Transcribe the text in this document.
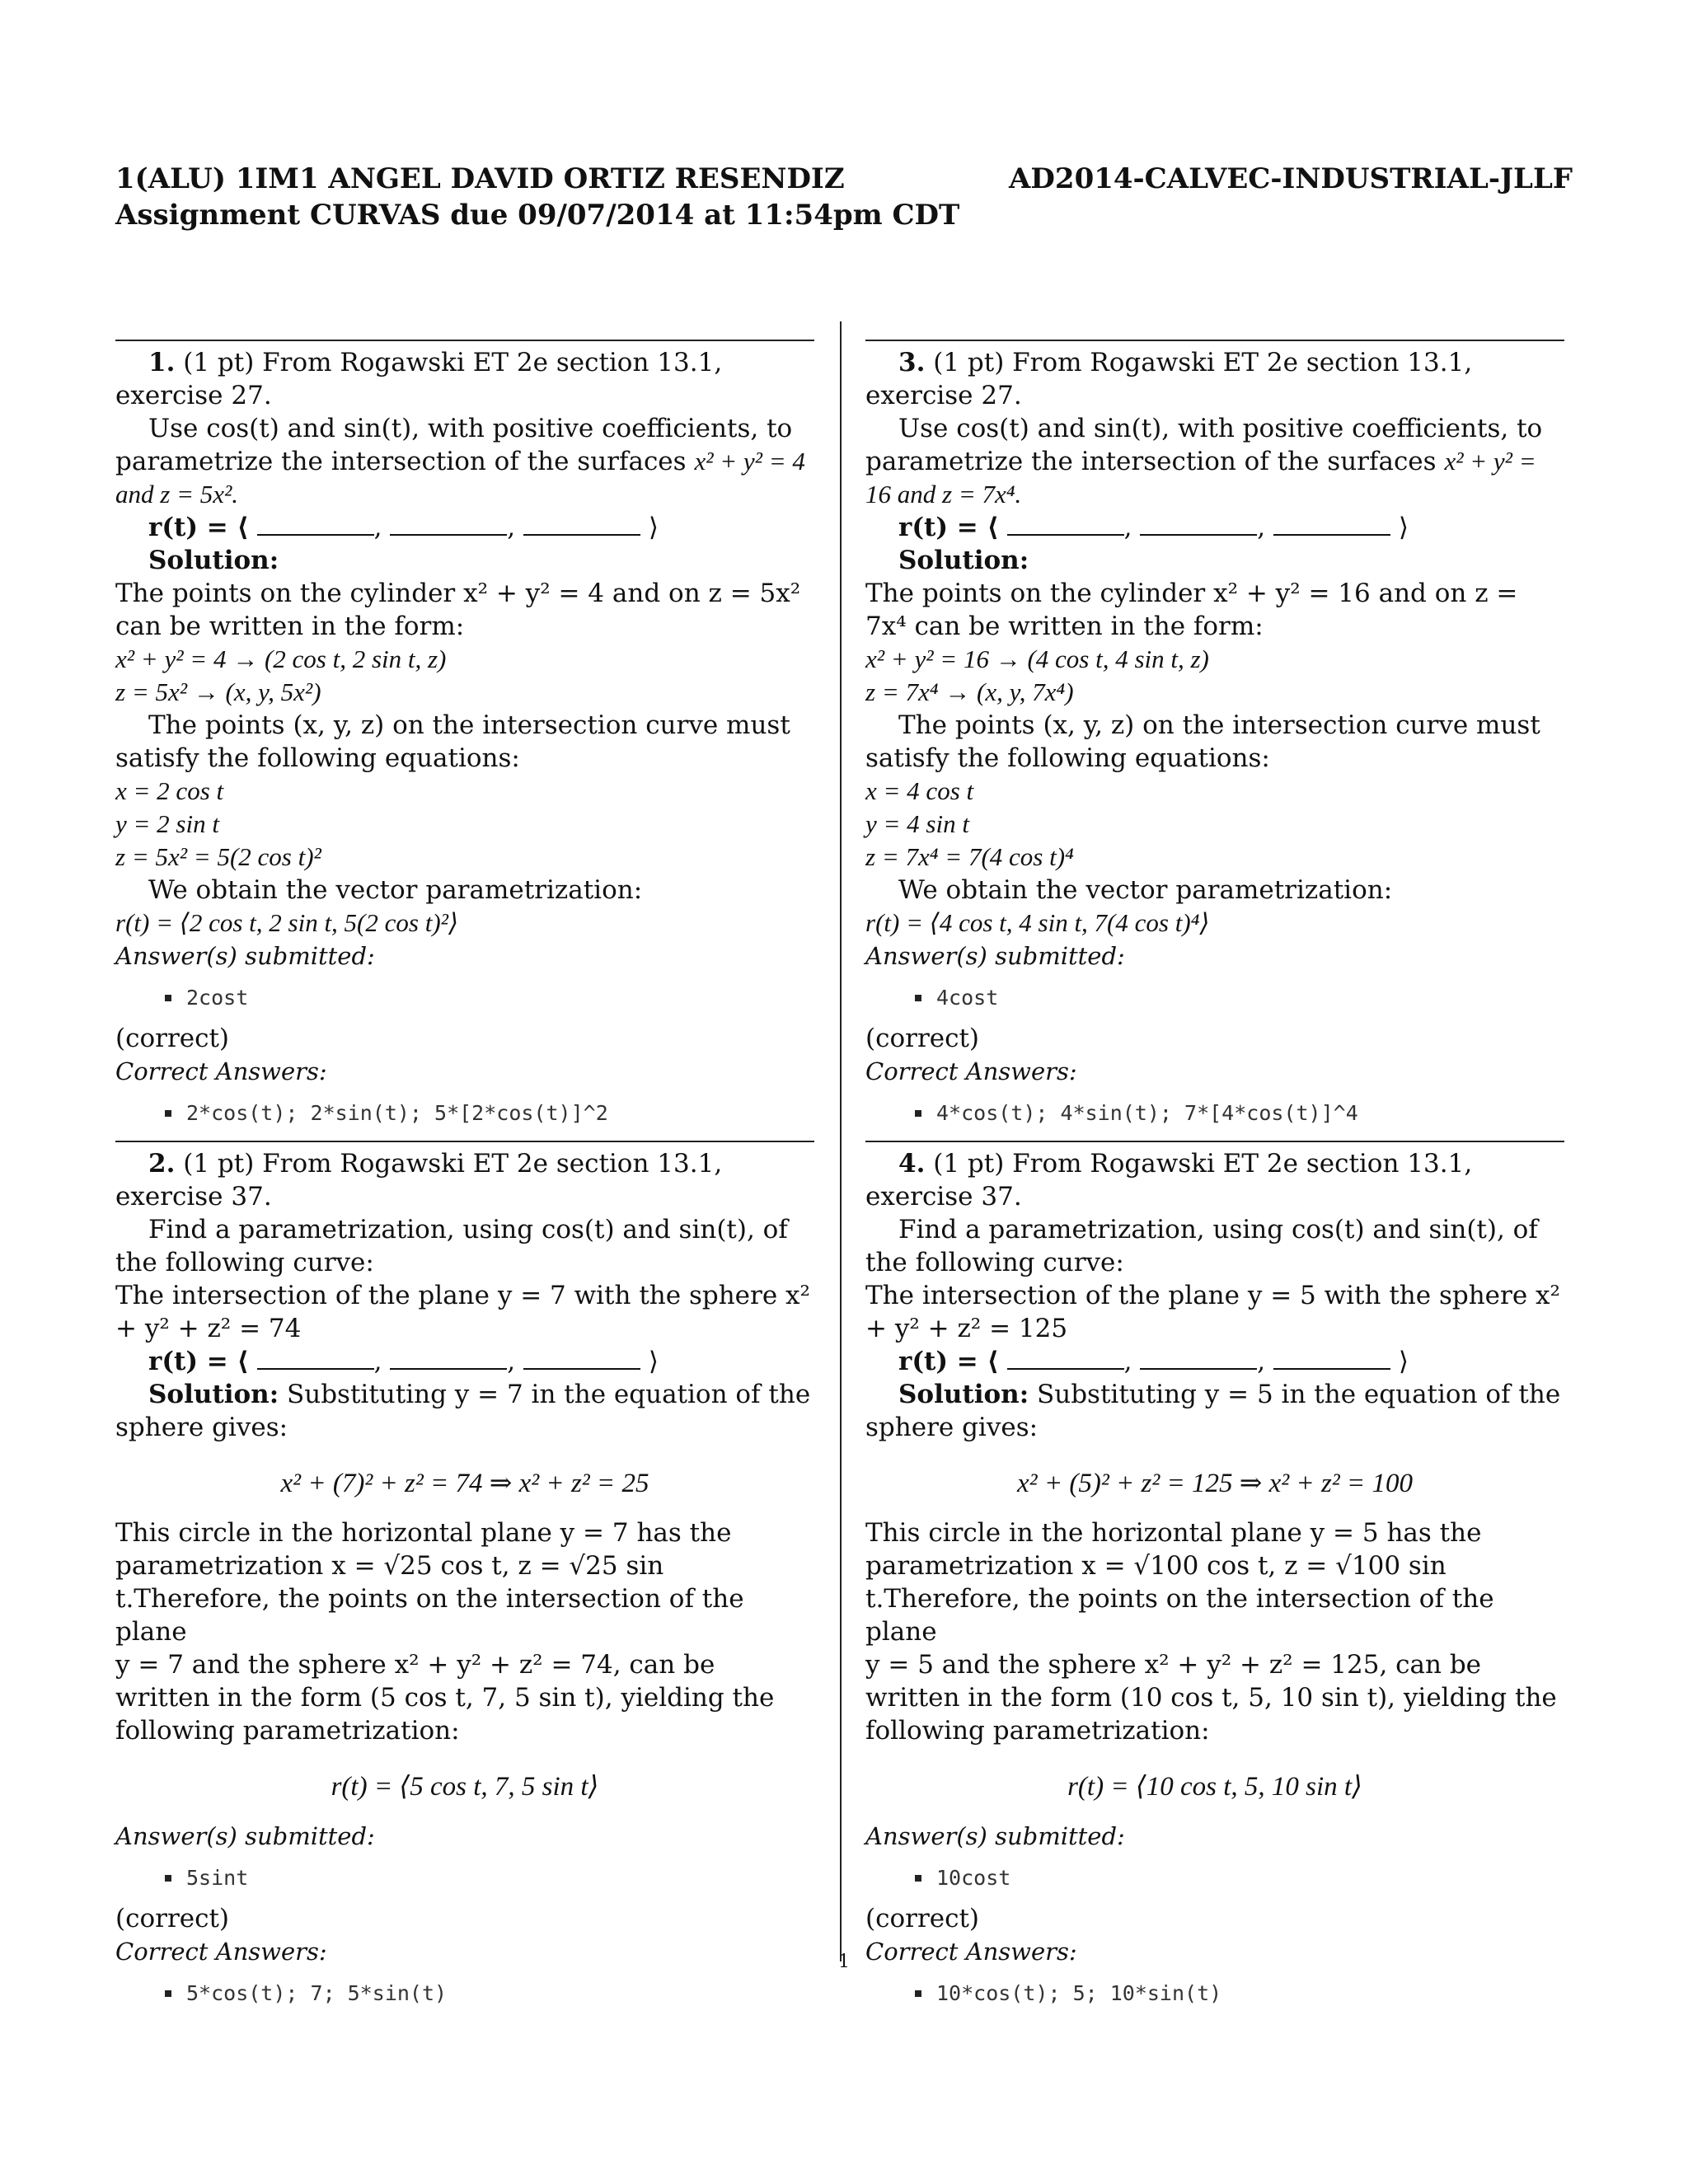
1(ALU) 1IM1 ANGEL DAVID ORTIZ RESENDIZ
Assignment CURVAS due 09/07/2014 at 11:54pm CDT
AD2014-CALVEC-INDUSTRIAL-JLLF

1. (1 pt) From Rogawski ET 2e section 13.1, exercise 27.

Use cos(t) and sin(t), with positive coefficients, to parametrize the intersection of the surfaces x² + y² = 4 and z = 5x².

r(t) = ⟨	,	,	⟩

Solution:

The points on the cylinder x² + y² = 4 and on z = 5x² can be written in the form:

x² + y² = 4 → (2 cos t, 2 sin t, z)

z = 5x² → (x, y, 5x²)

The points (x, y, z) on the intersection curve must satisfy the following equations:

x = 2 cos t

y = 2 sin t

z = 5x² = 5(2 cos t)²

We obtain the vector parametrization:

r(t) = ⟨2 cos t, 2 sin t, 5(2 cos t)²⟩

Answer(s) submitted:

2cost

(correct)

Correct Answers:

2*cos(t); 2*sin(t); 5*[2*cos(t)]^2

2. (1 pt) From Rogawski ET 2e section 13.1, exercise 37.

Find a parametrization, using cos(t) and sin(t), of the following curve:

The intersection of the plane y = 7 with the sphere x² + y² + z² = 74

r(t) = ⟨	,	,	⟩

Solution: Substituting y = 7 in the equation of the sphere gives:

x² + (7)² + z² = 74 ⇒ x² + z² = 25

This circle in the horizontal plane y = 7 has the parametrization x = √25 cos t, z = √25 sin t.Therefore, the points on the intersection of the plane

y = 7 and the sphere x² + y² + z² = 74, can be written in the form (5 cos t, 7, 5 sin t), yielding the following parametrization:

r(t) = ⟨5 cos t, 7, 5 sin t⟩

Answer(s) submitted:

5sint

(correct)

Correct Answers:

5*cos(t); 7; 5*sin(t)

3. (1 pt) From Rogawski ET 2e section 13.1, exercise 27.

Use cos(t) and sin(t), with positive coefficients, to parametrize the intersection of the surfaces x² + y² = 16 and z = 7x⁴.

r(t) = ⟨	,	,	⟩

Solution:

The points on the cylinder x² + y² = 16 and on z = 7x⁴ can be written in the form:

x² + y² = 16 → (4 cos t, 4 sin t, z)

z = 7x⁴ → (x, y, 7x⁴)

The points (x, y, z) on the intersection curve must satisfy the following equations:

x = 4 cos t

y = 4 sin t

z = 7x⁴ = 7(4 cos t)⁴

We obtain the vector parametrization:

r(t) = ⟨4 cos t, 4 sin t, 7(4 cos t)⁴⟩

Answer(s) submitted:

4cost

(correct)

Correct Answers:

4*cos(t); 4*sin(t); 7*[4*cos(t)]^4

4. (1 pt) From Rogawski ET 2e section 13.1, exercise 37.

Find a parametrization, using cos(t) and sin(t), of the following curve:

The intersection of the plane y = 5 with the sphere x² + y² + z² = 125

r(t) = ⟨	,	,	⟩

Solution: Substituting y = 5 in the equation of the sphere gives:

x² + (5)² + z² = 125 ⇒ x² + z² = 100

This circle in the horizontal plane y = 5 has the parametrization x = √100 cos t, z = √100 sin t.Therefore, the points on the intersection of the plane

y = 5 and the sphere x² + y² + z² = 125, can be written in the form (10 cos t, 5, 10 sin t), yielding the following parametrization:

r(t) = ⟨10 cos t, 5, 10 sin t⟩

Answer(s) submitted:

10cost

(correct)

Correct Answers:

10*cos(t); 5; 10*sin(t)
1
